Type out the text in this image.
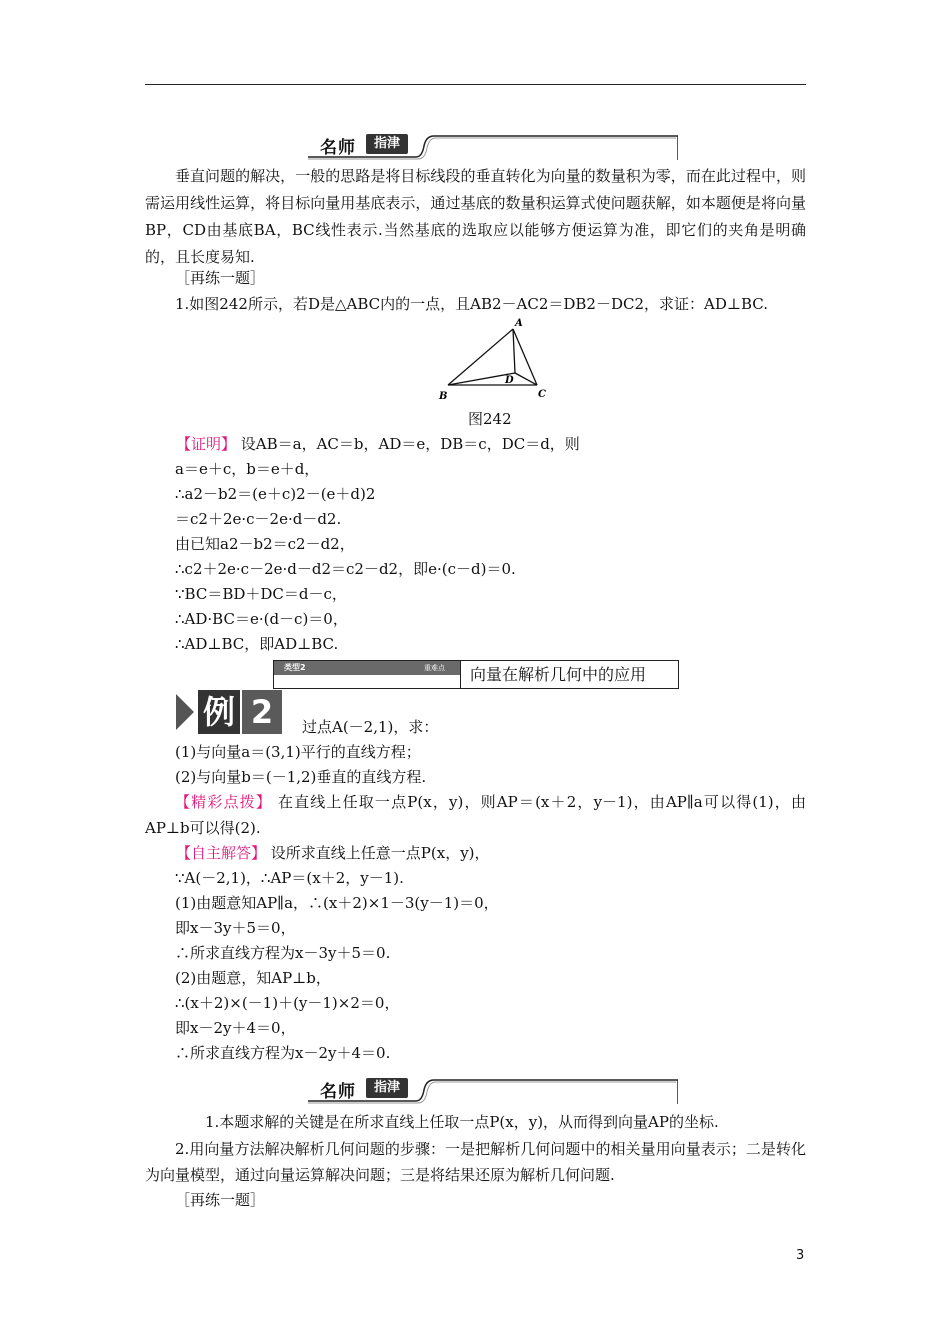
名师	指津
垂直问题的解决，一般的思路是将目标线段的垂直转化为向量的数量积为零，而在此过程中，则需运用线性运算，将目标向量用基底表示，通过基底的数量积运算式使问题获解，如本题便是将向量BP，CD由基底BA，BC线性表示.当然基底的选取应以能够方便运算为准，即它们的夹角是明确的，且长度易知.
［再练一题］
1.如图242所示，若D是△ABC内的一点，且AB2－AC2＝DB2－DC2，求证：AD⊥BC.
A
B	C
D
图242
【证明】 设AB＝a，AC＝b，AD＝e，DB＝c，DC＝d，则
a＝e＋c，b＝e＋d，
∴a2－b2＝(e＋c)2－(e＋d)2
＝c2＋2e·c－2e·d－d2.
由已知a2－b2＝c2－d2，
∴c2＋2e·c－2e·d－d2＝c2－d2，即e·(c－d)＝0.
∵BC＝BD＋DC＝d－c，
∴AD·BC＝e·(d－c)＝0，
∴AD⊥BC，即AD⊥BC.
类型2	重难点 向量在解析几何中的应用
例 2	过点A(－2,1)，求：
(1)与向量a＝(3,1)平行的直线方程；
(2)与向量b＝(－1,2)垂直的直线方程.
【精彩点拨】 在直线上任取一点P(x，y)，则AP＝(x＋2，y－1)，由AP∥a可以得(1)，由AP⊥b可以得(2).
【自主解答】 设所求直线上任意一点P(x，y)，
∵A(－2,1)，∴AP＝(x＋2，y－1).
(1)由题意知AP∥a，∴(x＋2)×1－3(y－1)＝0，
即x－3y＋5＝0，
∴所求直线方程为x－3y＋5＝0.
(2)由题意，知AP⊥b，
∴(x＋2)×(－1)＋(y－1)×2＝0，
即x－2y＋4＝0，
∴所求直线方程为x－2y＋4＝0.
名师	指津
1.本题求解的关键是在所求直线上任取一点P(x，y)，从而得到向量AP的坐标.
2.用向量方法解决解析几何问题的步骤：一是把解析几何问题中的相关量用向量表示；二是转化为向量模型，通过向量运算解决问题；三是将结果还原为解析几何问题.
［再练一题］
3
